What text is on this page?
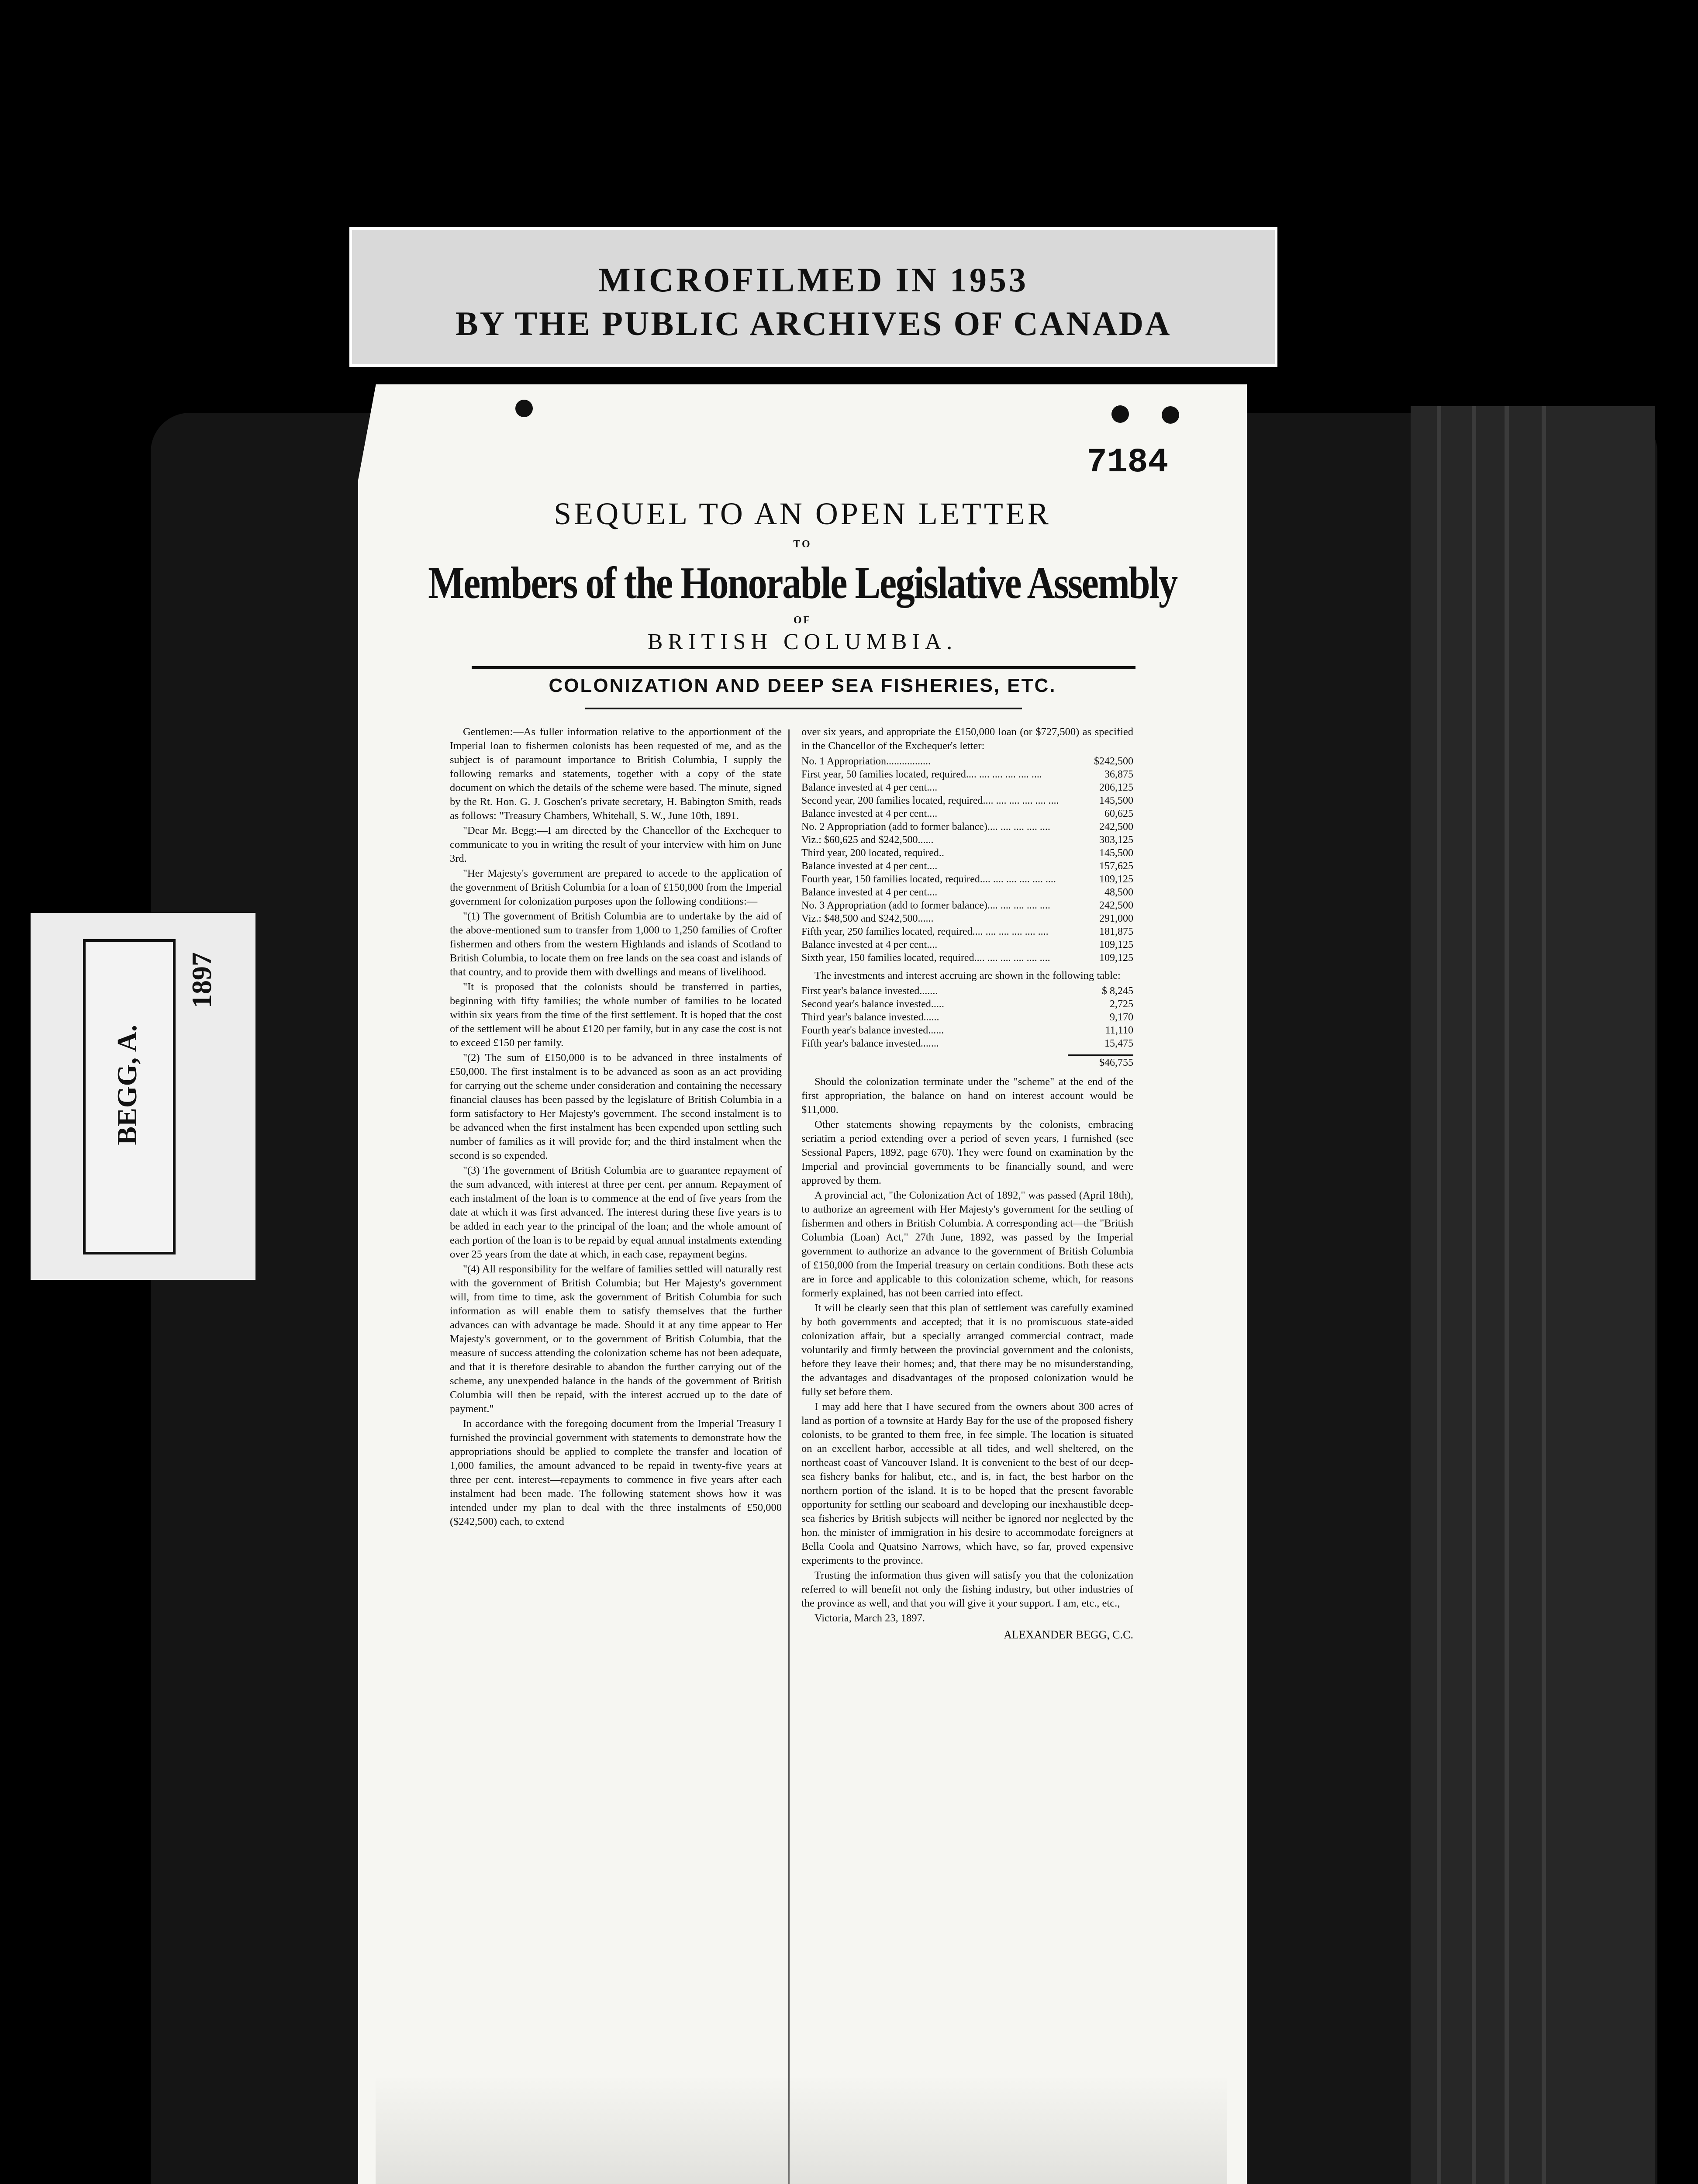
MICROFILMED IN 1953
BY THE PUBLIC ARCHIVES OF CANADA
BEGG, A.
1897
7184
SEQUEL TO AN OPEN LETTER
TO
Members of the Honorable Legislative Assembly
OF
BRITISH COLUMBIA.
COLONIZATION AND DEEP SEA FISHERIES, ETC.

Gentlemen:—As fuller information relative to the apportionment of the Imperial loan to fishermen colonists has been requested of me, and as the subject is of paramount importance to British Columbia, I supply the following remarks and statements, together with a copy of the state document on which the details of the scheme were based. The minute, signed by the Rt. Hon. G. J. Goschen's private secretary, H. Babington Smith, reads as follows: "Treasury Chambers, Whitehall, S. W., June 10th, 1891.

"Dear Mr. Begg:—I am directed by the Chancellor of the Exchequer to communicate to you in writing the result of your interview with him on June 3rd.

"Her Majesty's government are prepared to accede to the application of the government of British Columbia for a loan of £150,000 from the Imperial government for colonization purposes upon the following conditions:—

"(1) The government of British Columbia are to undertake by the aid of the above-mentioned sum to transfer from 1,000 to 1,250 families of Crofter fishermen and others from the western Highlands and islands of Scotland to British Columbia, to locate them on free lands on the sea coast and islands of that country, and to provide them with dwellings and means of livelihood.

"It is proposed that the colonists should be transferred in parties, beginning with fifty families; the whole number of families to be located within six years from the time of the first settlement. It is hoped that the cost of the settlement will be about £120 per family, but in any case the cost is not to exceed £150 per family.

"(2) The sum of £150,000 is to be advanced in three instalments of £50,000. The first instalment is to be advanced as soon as an act providing for carrying out the scheme under consideration and containing the necessary financial clauses has been passed by the legislature of British Columbia in a form satisfactory to Her Majesty's government. The second instalment is to be advanced when the first instalment has been expended upon settling such number of families as it will provide for; and the third instalment when the second is so expended.

"(3) The government of British Columbia are to guarantee repayment of the sum advanced, with interest at three per cent. per annum. Repayment of each instalment of the loan is to commence at the end of five years from the date at which it was first advanced. The interest during these five years is to be added in each year to the principal of the loan; and the whole amount of each portion of the loan is to be repaid by equal annual instalments extending over 25 years from the date at which, in each case, repayment begins.

"(4) All responsibility for the welfare of families settled will naturally rest with the government of British Columbia; but Her Majesty's government will, from time to time, ask the government of British Columbia for such information as will enable them to satisfy themselves that the further advances can with advantage be made. Should it at any time appear to Her Majesty's government, or to the government of British Columbia, that the measure of success attending the colonization scheme has not been adequate, and that it is therefore desirable to abandon the further carrying out of the scheme, any unexpended balance in the hands of the government of British Columbia will then be repaid, with the interest accrued up to the date of payment."

In accordance with the foregoing document from the Imperial Treasury I furnished the provincial government with statements to demonstrate how the appropriations should be applied to complete the transfer and location of 1,000 families, the amount advanced to be repaid in twenty-five years at three per cent. interest—repayments to commence in five years after each instalment had been made. The following statement shows how it was intended under my plan to deal with the three instalments of £50,000 ($242,500) each, to extend

over six years, and appropriate the £150,000 loan (or $727,500) as specified in the Chancellor of the Exchequer's letter:

No. 1 Appropriation.................	$242,500
First year, 50 families located, required.... .... .... .... .... ....	36,875
Balance invested at 4 per cent....	206,125
Second year, 200 families located, required.... .... .... .... .... ....	145,500
Balance invested at 4 per cent....	60,625
No. 2 Appropriation (add to former balance).... .... .... .... ....	242,500
Viz.: $60,625 and $242,500......	303,125
Third year, 200 located, required..	145,500
Balance invested at 4 per cent....	157,625
Fourth year, 150 families located, required.... .... .... .... .... ....	109,125
Balance invested at 4 per cent....	48,500
No. 3 Appropriation (add to former balance).... .... .... .... ....	242,500
Viz.: $48,500 and $242,500......	291,000
Fifth year, 250 families located, required.... .... .... .... .... ....	181,875
Balance invested at 4 per cent....	109,125
Sixth year, 150 families located, required.... .... .... .... .... ....	109,125

The investments and interest accruing are shown in the following table:

First year's balance invested.......	$ 8,245
Second year's balance invested.....	2,725
Third year's balance invested......	9,170
Fourth year's balance invested......	11,110
Fifth year's balance invested.......	15,475
$46,755

Should the colonization terminate under the "scheme" at the end of the first appropriation, the balance on hand on interest account would be $11,000.

Other statements showing repayments by the colonists, embracing seriatim a period extending over a period of seven years, I furnished (see Sessional Papers, 1892, page 670). They were found on examination by the Imperial and provincial governments to be financially sound, and were approved by them.

A provincial act, "the Colonization Act of 1892," was passed (April 18th), to authorize an agreement with Her Majesty's government for the settling of fishermen and others in British Columbia. A corresponding act—the "British Columbia (Loan) Act," 27th June, 1892, was passed by the Imperial government to authorize an advance to the government of British Columbia of £150,000 from the Imperial treasury on certain conditions. Both these acts are in force and applicable to this colonization scheme, which, for reasons formerly explained, has not been carried into effect.

It will be clearly seen that this plan of settlement was carefully examined by both governments and accepted; that it is no promiscuous state-aided colonization affair, but a specially arranged commercial contract, made voluntarily and firmly between the provincial government and the colonists, before they leave their homes; and, that there may be no misunderstanding, the advantages and disadvantages of the proposed colonization would be fully set before them.

I may add here that I have secured from the owners about 300 acres of land as portion of a townsite at Hardy Bay for the use of the proposed fishery colonists, to be granted to them free, in fee simple. The location is situated on an excellent harbor, accessible at all tides, and well sheltered, on the northeast coast of Vancouver Island. It is convenient to the best of our deep-sea fishery banks for halibut, etc., and is, in fact, the best harbor on the northern portion of the island. It is to be hoped that the present favorable opportunity for settling our seaboard and developing our inexhaustible deep-sea fisheries by British subjects will neither be ignored nor neglected by the hon. the minister of immigration in his desire to accommodate foreigners at Bella Coola and Quatsino Narrows, which have, so far, proved expensive experiments to the province.

Trusting the information thus given will satisfy you that the colonization referred to will benefit not only the fishing industry, but other industries of the province as well, and that you will give it your support. I am, etc., etc.,

Victoria, March 23, 1897.

ALEXANDER BEGG, C.C.
